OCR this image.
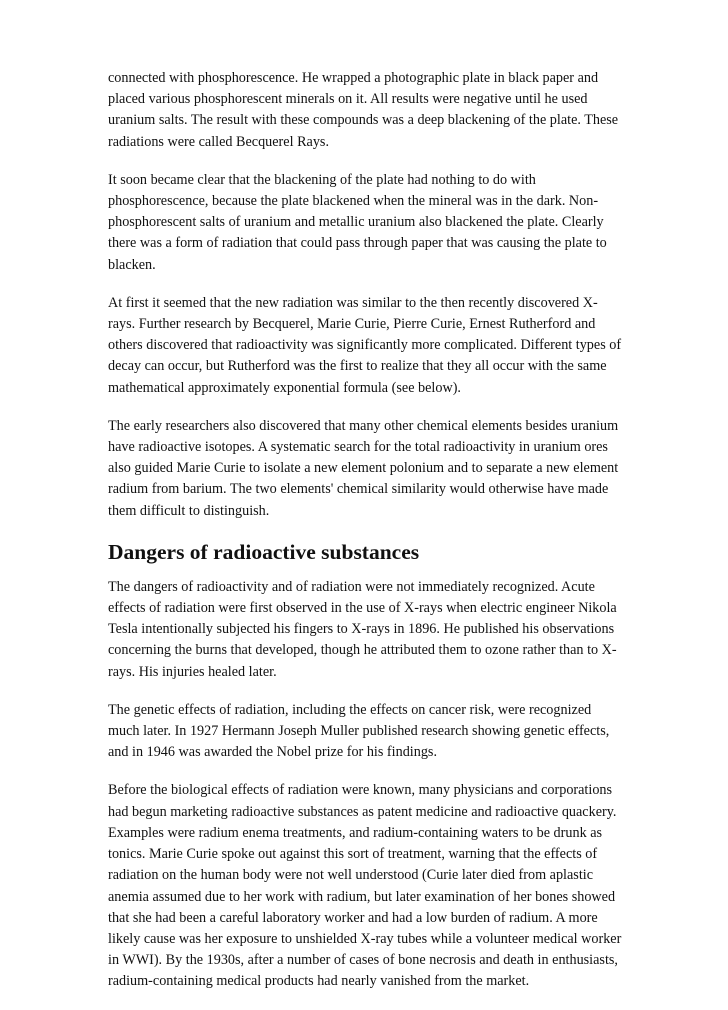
connected with phosphorescence. He wrapped a photographic plate in black paper and placed various phosphorescent minerals on it. All results were negative until he used uranium salts. The result with these compounds was a deep blackening of the plate. These radiations were called Becquerel Rays.

It soon became clear that the blackening of the plate had nothing to do with phosphorescence, because the plate blackened when the mineral was in the dark. Non-phosphorescent salts of uranium and metallic uranium also blackened the plate. Clearly there was a form of radiation that could pass through paper that was causing the plate to blacken.

At first it seemed that the new radiation was similar to the then recently discovered X-rays. Further research by Becquerel, Marie Curie, Pierre Curie, Ernest Rutherford and others discovered that radioactivity was significantly more complicated. Different types of decay can occur, but Rutherford was the first to realize that they all occur with the same mathematical approximately exponential formula (see below).

The early researchers also discovered that many other chemical elements besides uranium have radioactive isotopes. A systematic search for the total radioactivity in uranium ores also guided Marie Curie to isolate a new element polonium and to separate a new element radium from barium. The two elements' chemical similarity would otherwise have made them difficult to distinguish.

Dangers of radioactive substances

The dangers of radioactivity and of radiation were not immediately recognized. Acute effects of radiation were first observed in the use of X-rays when electric engineer Nikola Tesla intentionally subjected his fingers to X-rays in 1896. He published his observations concerning the burns that developed, though he attributed them to ozone rather than to X-rays. His injuries healed later.

The genetic effects of radiation, including the effects on cancer risk, were recognized much later. In 1927 Hermann Joseph Muller published research showing genetic effects, and in 1946 was awarded the Nobel prize for his findings.

Before the biological effects of radiation were known, many physicians and corporations had begun marketing radioactive substances as patent medicine and radioactive quackery. Examples were radium enema treatments, and radium-containing waters to be drunk as tonics. Marie Curie spoke out against this sort of treatment, warning that the effects of radiation on the human body were not well understood (Curie later died from aplastic anemia assumed due to her work with radium, but later examination of her bones showed that she had been a careful laboratory worker and had a low burden of radium. A more likely cause was her exposure to unshielded X-ray tubes while a volunteer medical worker in WWI). By the 1930s, after a number of cases of bone necrosis and death in enthusiasts, radium-containing medical products had nearly vanished from the market.
